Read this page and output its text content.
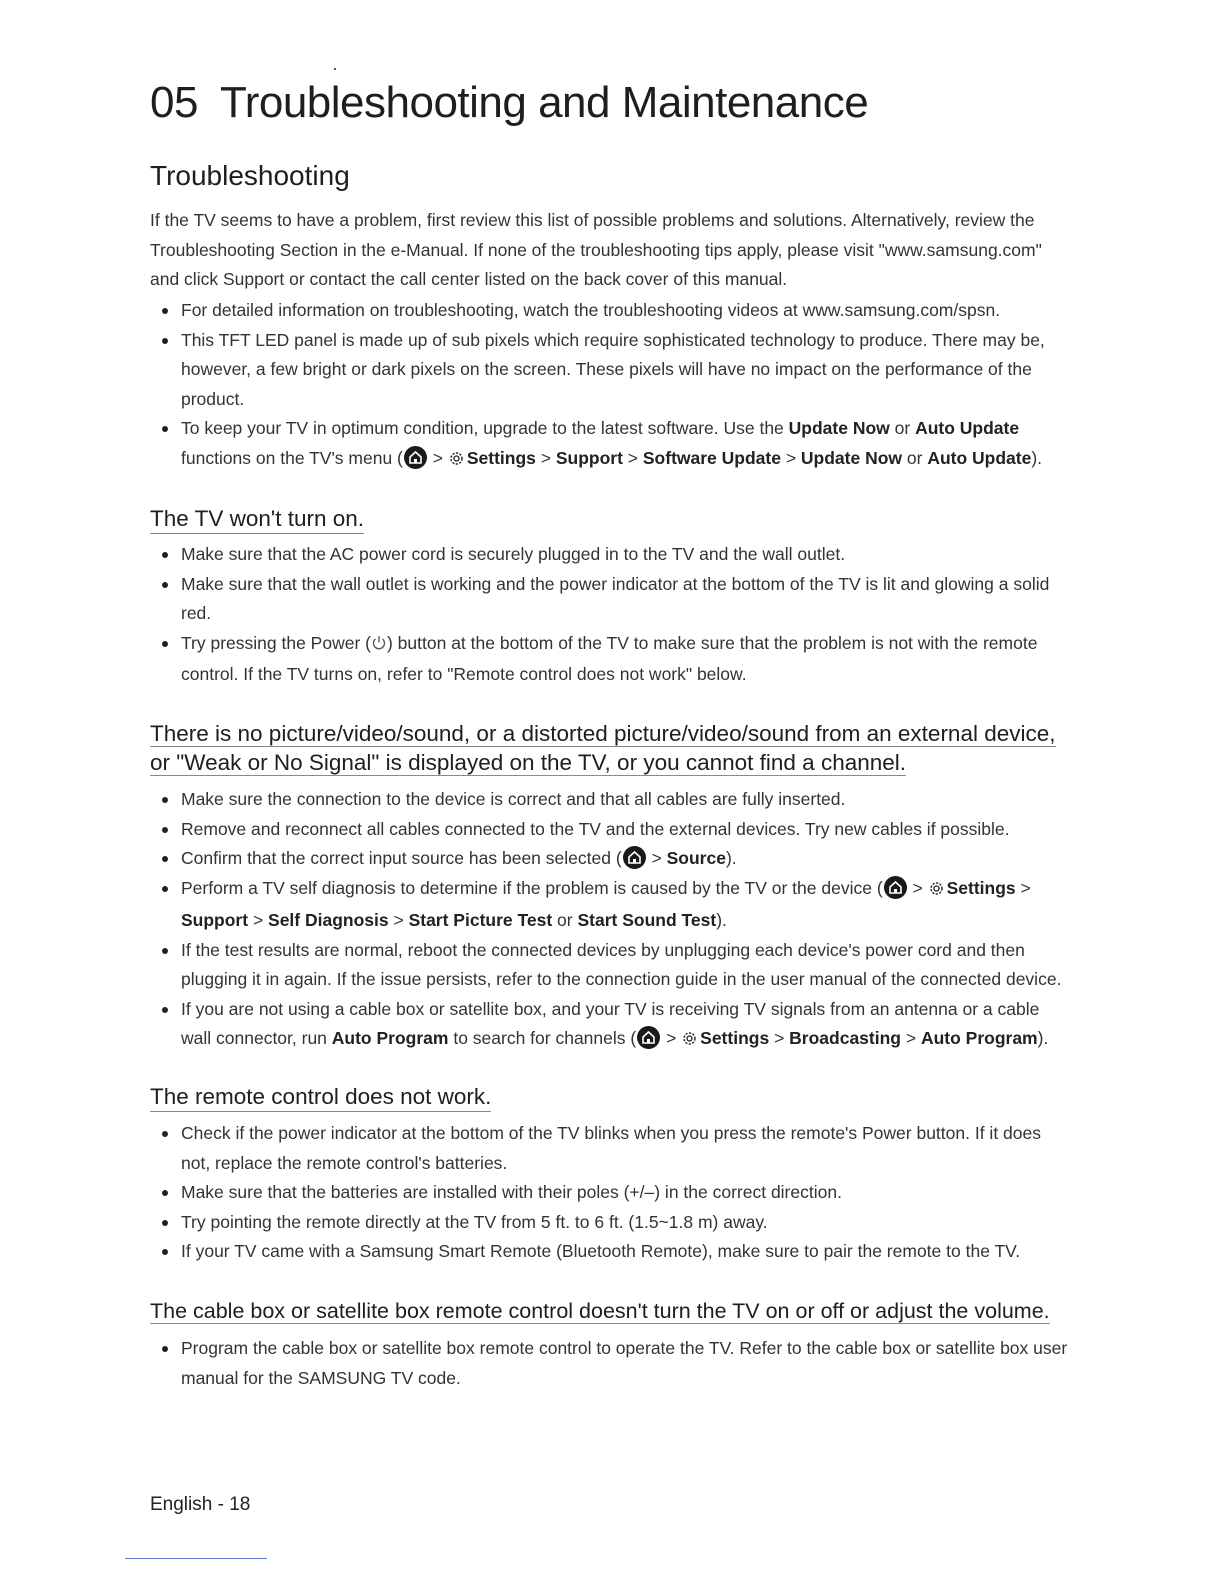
05 Troubleshooting and Maintenance
Troubleshooting

If the TV seems to have a problem, first review this list of possible problems and solutions. Alternatively, review the Troubleshooting Section in the e-Manual. If none of the troubleshooting tips apply, please visit "www.samsung.com" and click Support or contact the call center listed on the back cover of this manual.

For detailed information on troubleshooting, watch the troubleshooting videos at www.samsung.com/spsn.
This TFT LED panel is made up of sub pixels which require sophisticated technology to produce. There may be, however, a few bright or dark pixels on the screen. These pixels will have no impact on the performance of the product.
To keep your TV in optimum condition, upgrade to the latest software. Use the Update Now or Auto Update functions on the TV's menu (
> Settings > Support > Software Update > Update Now or Auto Update).
The TV won't turn on.
Make sure that the AC power cord is securely plugged in to the TV and the wall outlet.
Make sure that the wall outlet is working and the power indicator at the bottom of the TV is lit and glowing a solid red.
Try pressing the Power ( ) button at the bottom of the TV to make sure that the problem is not with the remote control. If the TV turns on, refer to "Remote control does not work" below.
There is no picture/video/sound, or a distorted picture/video/sound from an external device, or "Weak or No Signal" is displayed on the TV, or you cannot find a channel.
Make sure the connection to the device is correct and that all cables are fully inserted.
Remove and reconnect all cables connected to the TV and the external devices. Try new cables if possible.
Confirm that the correct input source has been selected (
> Source).
Perform a TV self diagnosis to determine if the problem is caused by the TV or the device (
> Settings > Support > Self Diagnosis > Start Picture Test or Start Sound Test).
If the test results are normal, reboot the connected devices by unplugging each device's power cord and then plugging it in again. If the issue persists, refer to the connection guide in the user manual of the connected device.
If you are not using a cable box or satellite box, and your TV is receiving TV signals from an antenna or a cable wall connector, run Auto Program to search for channels (
> Settings > Broadcasting > Auto Program).
The remote control does not work.
Check if the power indicator at the bottom of the TV blinks when you press the remote's Power button. If it does not, replace the remote control's batteries.
Make sure that the batteries are installed with their poles (+/–) in the correct direction.
Try pointing the remote directly at the TV from 5 ft. to 6 ft. (1.5~1.8 m) away.
If your TV came with a Samsung Smart Remote (Bluetooth Remote), make sure to pair the remote to the TV.
The cable box or satellite box remote control doesn't turn the TV on or off or adjust the volume.
Program the cable box or satellite box remote control to operate the TV. Refer to the cable box or satellite box user manual for the SAMSUNG TV code.
English - 18
